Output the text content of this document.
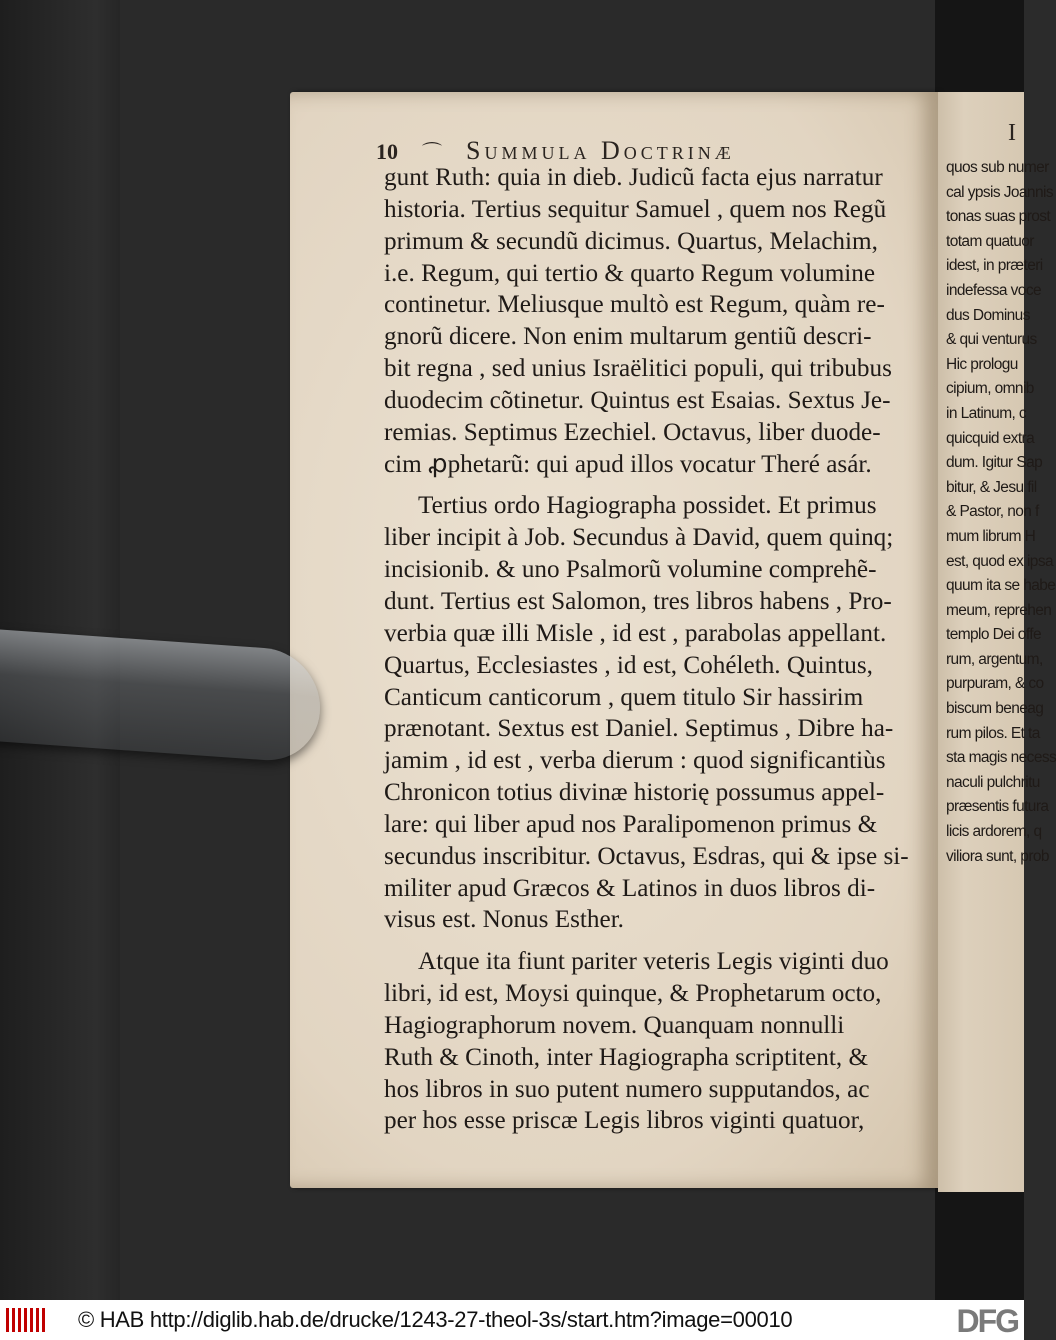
10 ⌒ Summula Doctrinæ
gunt Ruth: quia in dieb. Judicũ facta ejus narratur
historia. Tertius sequitur Samuel , quem nos Regũ
primum & secundũ dicimus. Quartus, Melachim,
i.e. Regum, qui tertio & quarto Regum volumine
continetur. Meliusque multò est Regum, quàm re-
gnorũ dicere. Non enim multarum gentiũ descri-
bit regna , sed unius Israëlitici populi, qui tribubus
duodecim cõtinetur. Quintus est Esaias. Sextus Je-
remias. Septimus Ezechiel. Octavus, liber duode-
cim ꝓphetarũ: qui apud illos vocatur Theré asár.
Tertius ordo Hagiographa possidet. Et primus
liber incipit à Job. Secundus à David, quem quinq;
incisionib. & uno Psalmorũ volumine comprehẽ-
dunt. Tertius est Salomon, tres libros habens , Pro-
verbia quæ illi Misle , id est , parabolas appellant.
Quartus, Ecclesiastes , id est, Cohéleth. Quintus,
Canticum canticorum , quem titulo Sir hassirim
prænotant. Sextus est Daniel. Septimus , Dibre ha-
jamim , id est , verba dierum : quod significantiùs
Chronicon totius divinæ historię possumus appel-
lare: qui liber apud nos Paralipomenon primus &
secundus inscribitur. Octavus, Esdras, qui & ipse si-
militer apud Græcos & Latinos in duos libros di-
visus est. Nonus Esther.
Atque ita fiunt pariter veteris Legis viginti duo
libri, id est, Moysi quinque, & Prophetarum octo,
Hagiographorum novem. Quanquam nonnulli
Ruth & Cinoth, inter Hagiographa scriptitent, &
hos libros in suo putent numero supputandos, ac
per hos esse priscæ Legis libros viginti quatuor,
I
quos sub numer
cal ypsis Joannis
tonas suas prost
totam quatuor
idest, in præteri
indefessa voce
dus Dominus
& qui venturus
Hic prologu
cipium, omnib
in Latinum, c
quicquid extra
dum. Igitur Sap
bitur, & Jesu fil
& Pastor, non f
mum librum H
est, quod ex ipsa
quum ita se habe
meum, reprehen
templo Dei offe
rum, argentum,
purpuram, & co
biscum beneag
rum pilos. Et ta
sta magis necess
naculi pulchritu
præsentis futura
licis ardorem, q
viliora sunt, prob
© HAB http://diglib.hab.de/drucke/1243-27-theol-3s/start.htm?image=00010	DFG
